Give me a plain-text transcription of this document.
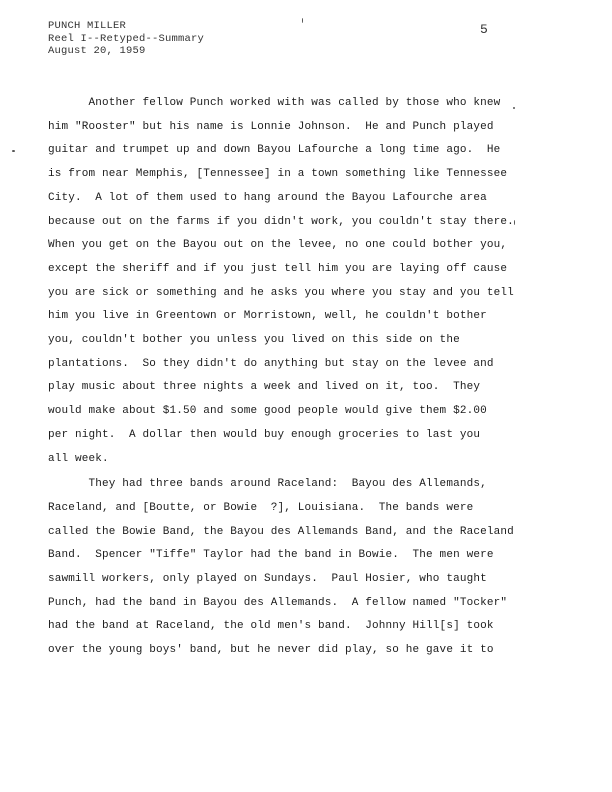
PUNCH MILLER
Reel I--Retyped--Summary
August 20, 1959
5
Another fellow Punch worked with was called by those who knew
him "Rooster" but his name is Lonnie Johnson.  He and Punch played
guitar and trumpet up and down Bayou Lafourche a long time ago.  He
is from near Memphis, [Tennessee] in a town something like Tennessee
City.  A lot of them used to hang around the Bayou Lafourche area
because out on the farms if you didn't work, you couldn't stay there.
When you get on the Bayou out on the levee, no one could bother you,
except the sheriff and if you just tell him you are laying off cause
you are sick or something and he asks you where you stay and you tell
him you live in Greentown or Morristown, well, he couldn't bother
you, couldn't bother you unless you lived on this side on the
plantations.  So they didn't do anything but stay on the levee and
play music about three nights a week and lived on it, too.  They
would make about $1.50 and some good people would give them $2.00
per night.  A dollar then would buy enough groceries to last you
all week.
They had three bands around Raceland:  Bayou des Allemands,
Raceland, and [Boutte, or Bowie  ?], Louisiana.  The bands were
called the Bowie Band, the Bayou des Allemands Band, and the Raceland
Band.  Spencer "Tiffe" Taylor had the band in Bowie.  The men were
sawmill workers, only played on Sundays.  Paul Hosier, who taught
Punch, had the band in Bayou des Allemands.  A fellow named "Tocker"
had the band at Raceland, the old men's band.  Johnny Hill[s] took
over the young boys' band, but he never did play, so he gave it to
